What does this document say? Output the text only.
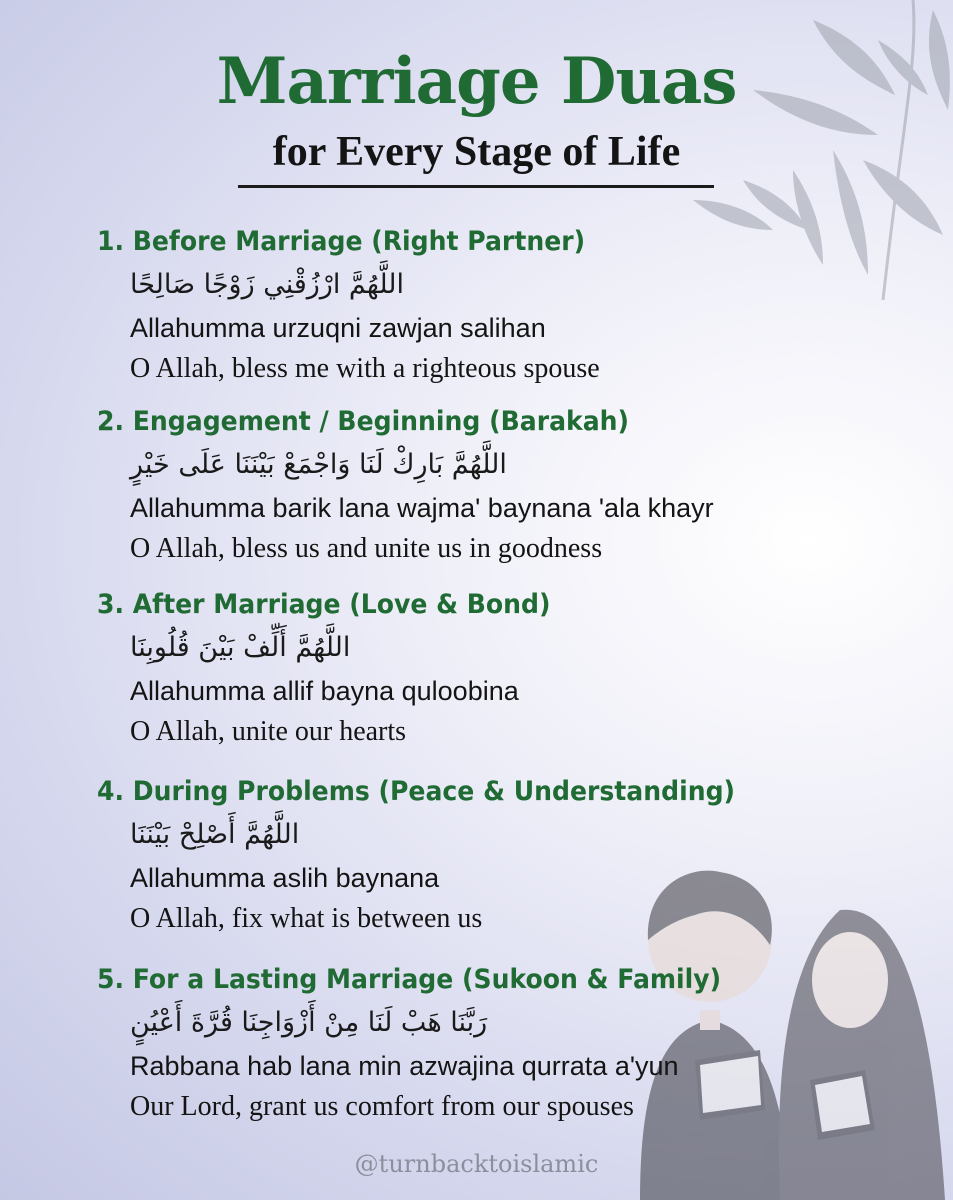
Marriage Duas
for Every Stage of Life

1. Before Marriage (Right Partner)

اللَّهُمَّ ارْزُقْنِي زَوْجًا صَالِحًا

Allahumma urzuqni zawjan salihan

O Allah, bless me with a righteous spouse

2. Engagement / Beginning (Barakah)

اللَّهُمَّ بَارِكْ لَنَا وَاجْمَعْ بَيْنَنَا عَلَى خَيْرٍ

Allahumma barik lana wajma' baynana 'ala khayr

O Allah, bless us and unite us in goodness

3. After Marriage (Love & Bond)

اللَّهُمَّ أَلِّفْ بَيْنَ قُلُوبِنَا

Allahumma allif bayna quloobina

O Allah, unite our hearts

4. During Problems (Peace & Understanding)

اللَّهُمَّ أَصْلِحْ بَيْنَنَا

Allahumma aslih baynana

O Allah, fix what is between us

5. For a Lasting Marriage (Sukoon & Family)

رَبَّنَا هَبْ لَنَا مِنْ أَزْوَاجِنَا قُرَّةَ أَعْيُنٍ

Rabbana hab lana min azwajina qurrata a'yun

Our Lord, grant us comfort from our spouses

@turnbacktoislamic
